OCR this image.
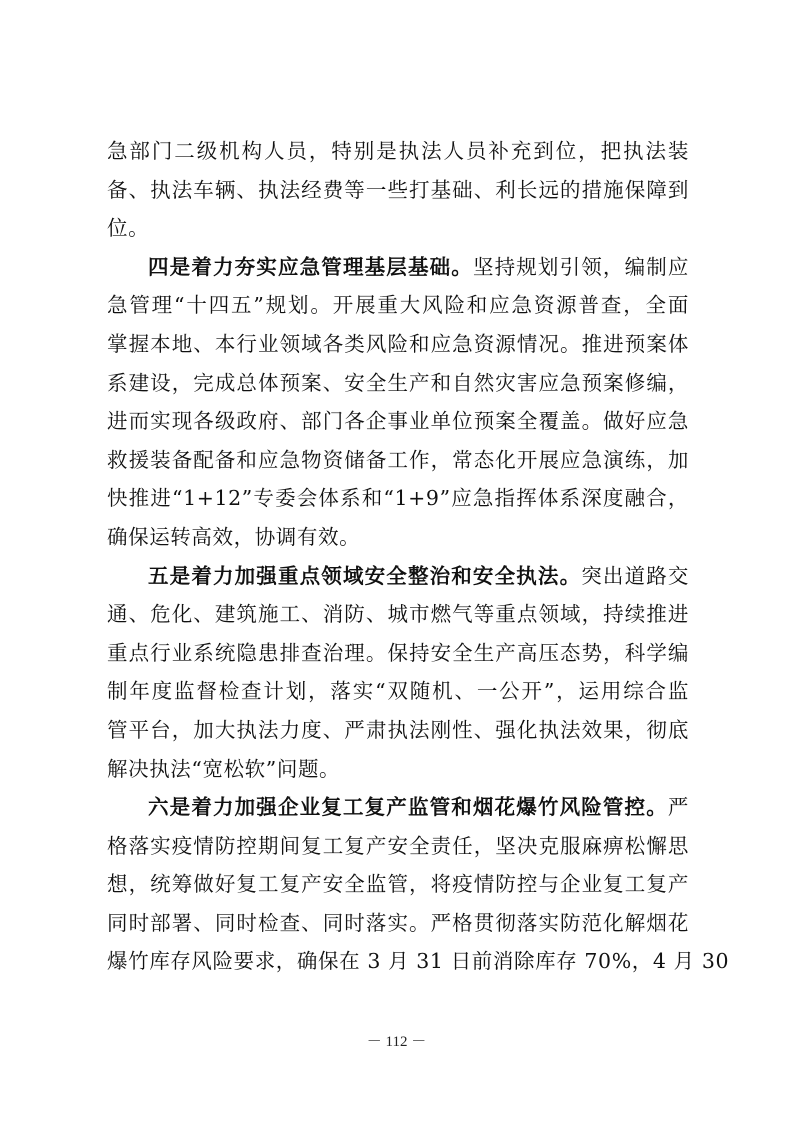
急部门二级机构人员，特别是执法人员补充到位，把执法装
备、执法车辆、执法经费等一些打基础、利长远的措施保障到
位。
四是着力夯实应急管理基层基础。坚持规划引领，编制应
急管理“十四五”规划。开展重大风险和应急资源普查，全面
掌握本地、本行业领域各类风险和应急资源情况。推进预案体
系建设，完成总体预案、安全生产和自然灾害应急预案修编，
进而实现各级政府、部门各企事业单位预案全覆盖。做好应急
救援装备配备和应急物资储备工作，常态化开展应急演练，加
快推进“1+12”专委会体系和“1+9”应急指挥体系深度融合，
确保运转高效，协调有效。
五是着力加强重点领域安全整治和安全执法。突出道路交
通、危化、建筑施工、消防、城市燃气等重点领域，持续推进
重点行业系统隐患排查治理。保持安全生产高压态势，科学编
制年度监督检查计划，落实“双随机、一公开”，运用综合监
管平台，加大执法力度、严肃执法刚性、强化执法效果，彻底
解决执法“宽松软”问题。
六是着力加强企业复工复产监管和烟花爆竹风险管控。严
格落实疫情防控期间复工复产安全责任，坚决克服麻痹松懈思
想，统筹做好复工复产安全监管，将疫情防控与企业复工复产
同时部署、同时检查、同时落实。严格贯彻落实防范化解烟花
爆竹库存风险要求，确保在 3 月 31 日前消除库存 70%，4 月 30
－ 112 －
